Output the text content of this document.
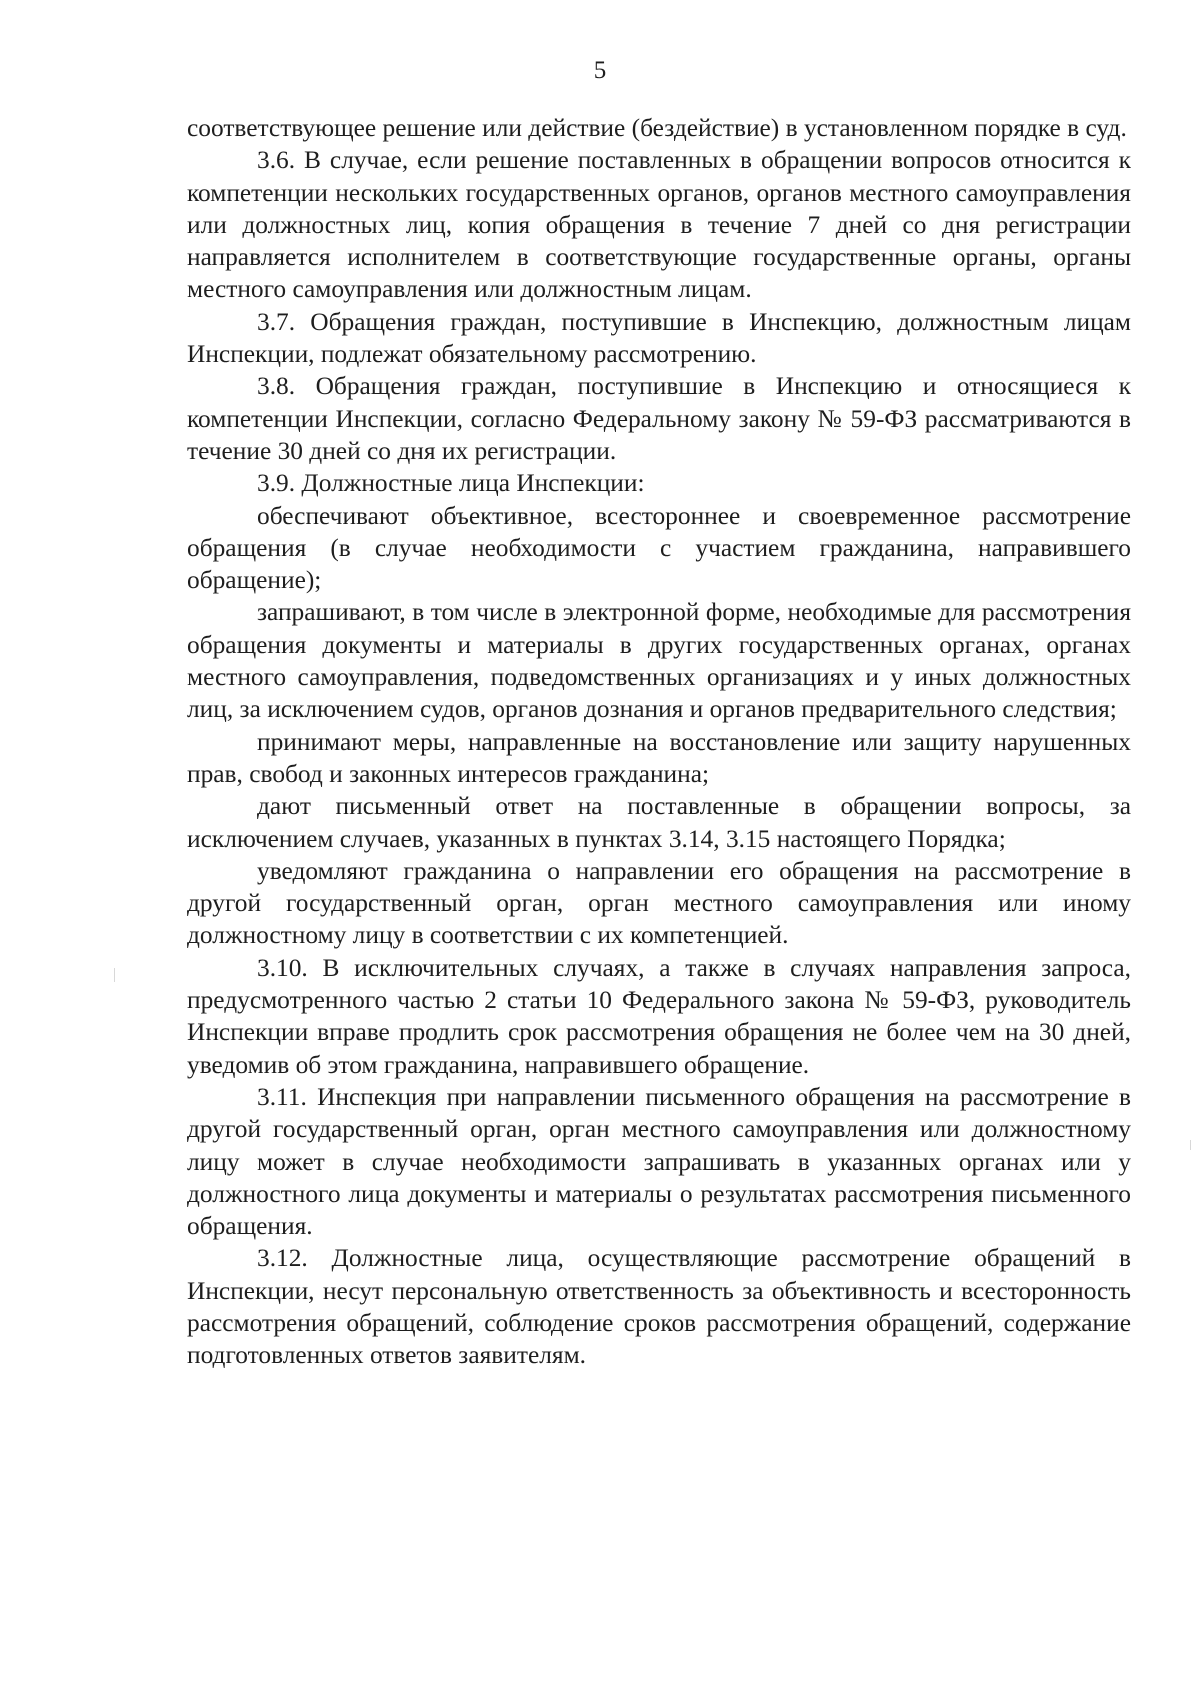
5

соответствующее решение или действие (бездействие) в установленном порядке в суд.

3.6. В случае, если решение поставленных в обращении вопросов относится к компетенции нескольких государственных органов, органов местного самоуправления или должностных лиц, копия обращения в течение 7 дней со дня регистрации направляется исполнителем в соответствующие государственные органы, органы местного самоуправления или должностным лицам.

3.7. Обращения граждан, поступившие в Инспекцию, должностным лицам Инспекции, подлежат обязательному рассмотрению.

3.8. Обращения граждан, поступившие в Инспекцию и относящиеся к компетенции Инспекции, согласно Федеральному закону № 59-ФЗ рассматриваются в течение 30 дней со дня их регистрации.

3.9. Должностные лица Инспекции:

обеспечивают объективное, всестороннее и своевременное рассмотрение обращения (в случае необходимости с участием гражданина, направившего обращение);

запрашивают, в том числе в электронной форме, необходимые для рассмотрения обращения документы и материалы в других государственных органах, органах местного самоуправления, подведомственных организациях и у иных должностных лиц, за исключением судов, органов дознания и органов предварительного следствия;

принимают меры, направленные на восстановление или защиту нарушенных прав, свобод и законных интересов гражданина;

дают письменный ответ на поставленные в обращении вопросы, за исключением случаев, указанных в пунктах 3.14, 3.15 настоящего Порядка;

уведомляют гражданина о направлении его обращения на рассмотрение в другой государственный орган, орган местного самоуправления или иному должностному лицу в соответствии с их компетенцией.

3.10. В исключительных случаях, а также в случаях направления запроса, предусмотренного частью 2 статьи 10 Федерального закона № 59-ФЗ, руководитель Инспекции вправе продлить срок рассмотрения обращения не более чем на 30 дней, уведомив об этом гражданина, направившего обращение.

3.11. Инспекция при направлении письменного обращения на рассмотрение в другой государственный орган, орган местного самоуправления или должностному лицу может в случае необходимости запрашивать в указанных органах или у должностного лица документы и материалы о результатах рассмотрения письменного обращения.

3.12. Должностные лица, осуществляющие рассмотрение обращений в Инспекции, несут персональную ответственность за объективность и всесторонность рассмотрения обращений, соблюдение сроков рассмотрения обращений, содержание подготовленных ответов заявителям.
